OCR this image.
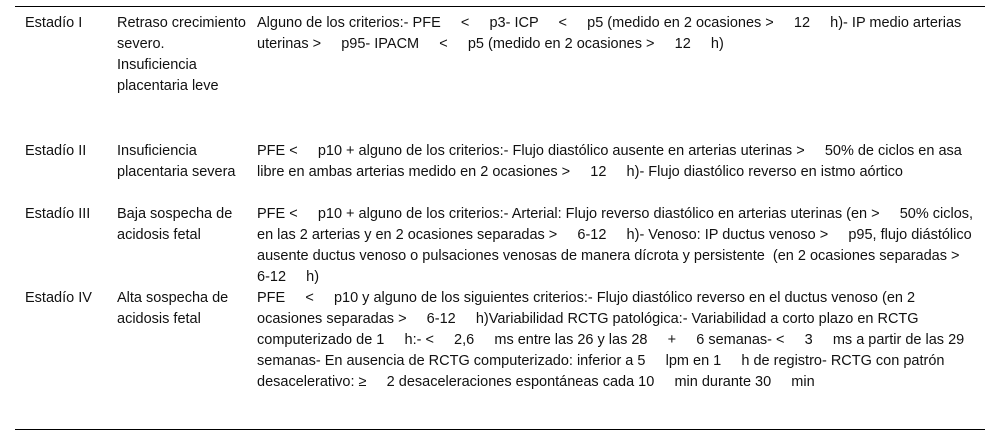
Estadío I	Retraso crecimiento severo. Insuficiencia placentaria leve	Alguno de los criterios:- PFE     <     p3- ICP     <     p5 (medido en 2 ocasiones >     12     h)- IP medio arterias uterinas >     p95- IPACM     <     p5 (medido en 2 ocasiones >     12     h)
Estadío II	Insuficiencia placentaria severa	PFE <     p10 + alguno de los criterios:- Flujo diastólico ausente en arterias uterinas >     50% de ciclos en asa libre en ambas arterias medido en 2 ocasiones >     12     h)- Flujo diastólico reverso en istmo aórtico
Estadío III	Baja sospecha de acidosis fetal	PFE <     p10 + alguno de los criterios:- Arterial: Flujo reverso diastólico en arterias uterinas (en >     50% ciclos, en las 2 arterias y en 2 ocasiones separadas >     6-12     h)- Venoso: IP ductus venoso >     p95, flujo diástólico ausente ductus venoso o pulsaciones venosas de manera dícrota y persistente  (en 2 ocasiones separadas >     6-12     h)
Estadío IV	Alta sospecha de acidosis fetal	PFE     <     p10 y alguno de los siguientes criterios:- Flujo diastólico reverso en el ductus venoso (en 2 ocasiones separadas >     6-12     h)Variabilidad RCTG patológica:- Variabilidad a corto plazo en RCTG computerizado de 1     h:- <     2,6     ms entre las 26 y las 28     +     6 semanas- <     3     ms a partir de las 29 semanas- En ausencia de RCTG computerizado: inferior a 5     lpm en 1     h de registro- RCTG con patrón desacelerativo: ≥     2 desaceleraciones espontáneas cada 10     min durante 30     min
